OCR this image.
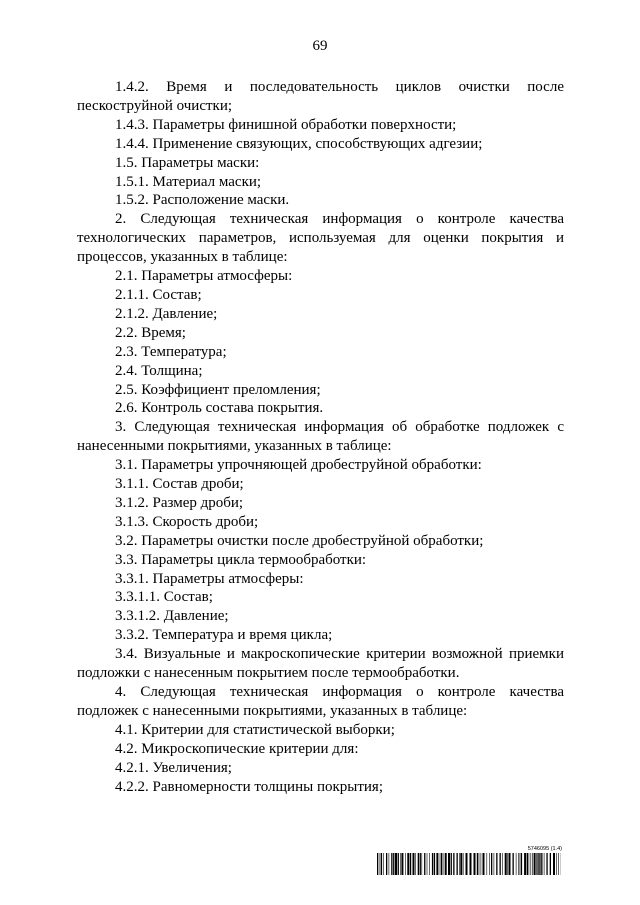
69

1.4.2. Время и последовательность циклов очистки после пескоструйной очистки;

1.4.3. Параметры финишной обработки поверхности;

1.4.4. Применение связующих, способствующих адгезии;

1.5. Параметры маски:

1.5.1. Материал маски;

1.5.2. Расположение маски.

2. Следующая техническая информация о контроле качества технологических параметров, используемая для оценки покрытия и процессов, указанных в таблице:

2.1. Параметры атмосферы:

2.1.1. Состав;

2.1.2. Давление;

2.2. Время;

2.3. Температура;

2.4. Толщина;

2.5. Коэффициент преломления;

2.6. Контроль состава покрытия.

3. Следующая техническая информация об обработке подложек с нанесенными покрытиями, указанных в таблице:

3.1. Параметры упрочняющей дробеструйной обработки:

3.1.1. Состав дроби;

3.1.2. Размер дроби;

3.1.3. Скорость дроби;

3.2. Параметры очистки после дробеструйной обработки;

3.3. Параметры цикла термообработки:

3.3.1. Параметры атмосферы:

3.3.1.1. Состав;

3.3.1.2. Давление;

3.3.2. Температура и время цикла;

3.4. Визуальные и макроскопические критерии возможной приемки подложки с нанесенным покрытием после термообработки.

4. Следующая техническая информация о контроле качества подложек с нанесенными покрытиями, указанных в таблице:

4.1. Критерии для статистической выборки;

4.2. Микроскопические критерии для:

4.2.1. Увеличения;

4.2.2. Равномерности толщины покрытия;

5746095 (1.4)
